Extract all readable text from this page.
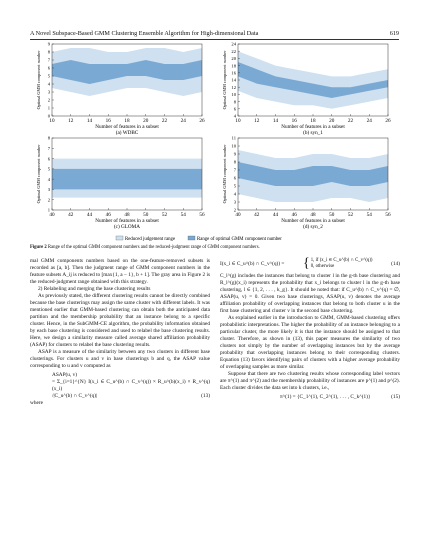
A Novel Subspace-Based GMM Clustering Ensemble Algorithm for High-dimensional Data	619
10	12	14	16	18	20	22	24	26
0
1
2
3
4
5
6
7
8
9
Number of features in a subset
(a) WDBC
Optimal GMM component number
10	12	14	16	18	20	22	24	26
4
6
8
10
12
14
16
18
20
22
24
Number of features in a subset
(b) syn_1
Optimal GMM component number
40	42	44	46	48	50	52	54	56
1
2
3
4
5
6
7
8
Number of features in a subset
(c) GLOMA
Optimal GMM component number
40	42	44	46	48	50	52	54	56
2
3
4
5
6
7
8
9
10
11
Number of features in a subset
(d) syn_2
Optimal GMM component number
Reduced judgement range	Range of optimal GMM component number
Figure 2 Range of the optimal GMM component numbers and the reduced-judgment range of GMM component numbers.

mal GMM components numbers based on the one-feature-removed subsets is recorded as [a, b]. Then the judgment range of GMM component numbers in the feature subsets A_ij is reduced to [max{1, a − 1}, b + 1]. The gray area in Figure 2 is the reduced-judgment range obtained with this strategy.

2) Relabeling and merging the base clustering results

As previously stated, the different clustering results cannot be directly combined because the base clusterings may assign the same cluster with different labels. It was mentioned earlier that GMM-based clustering can obtain both the anticipated data partition and the membership probability that an instance belong to a specific cluster. Hence, in the SubGMM-CE algorithm, the probability information obtained by each base clustering is considered and used to relabel the base clustering results. Here, we design a similarity measure called average shared affiliation probability (ASAP) for clusters to relabel the base clustering results.

ASAP is a measure of the similarity between any two clusters in different base clusterings. For clusters u and v in base clusterings b and q, the ASAP value corresponding to u and v computed as

ASAP(u, v)
= Σ_{i=1}^{N} I(x_i ∈ C_u^(b) ∩ C_v^(q)) × R_u^(b)(x_i) × R_v^(q)(x_i)
/|C_u^(b) ∩ C_v^(q)|	(13)

where

I(x_i ∈ C_u^(b) ∩ C_v^(q)) = { 1, if (x_i ∈ C_u^(b) ∩ C_v^(q))
0, otherwise	(14)

C_l^(g) includes the instances that belong to cluster l in the g-th base clustering and R_l^(g)(x_i) represents the probability that x_i belongs to cluster l in the g-th base clustering, l ∈ {1, 2, . . . , k_g}. It should be noted that: if C_u^(b) ∩ C_v^(q) = ∅, ASAP(u, v) = 0. Given two base clusterings, ASAP(u, v) denotes the average affiliation probability of overlapping instances that belong to both cluster u in the first base clustering and cluster v in the second base clustering.

As explained earlier in the introduction to GMM, GMM-based clustering offers probabilistic interpretations. The higher the probability of an instance belonging to a particular cluster, the more likely it is that the instance should be assigned to that cluster. Therefore, as shown in (13), this paper measures the similarity of two clusters not simply by the number of overlapping instances but by the average probability that overlapping instances belong to their corresponding clusters. Equation (13) favors identifying pairs of clusters with a higher average probability of overlapping samples as more similar.

Suppose that there are two clustering results whose corresponding label vectors are π^(1) and π^(2) and the membership probability of instances are p^(1) and p^(2). Each cluster divides the data set into k clusters, i.e.,

π^(1) = {C_1^(1), C_2^(1), . . . , C_k^(1)}	(15)
